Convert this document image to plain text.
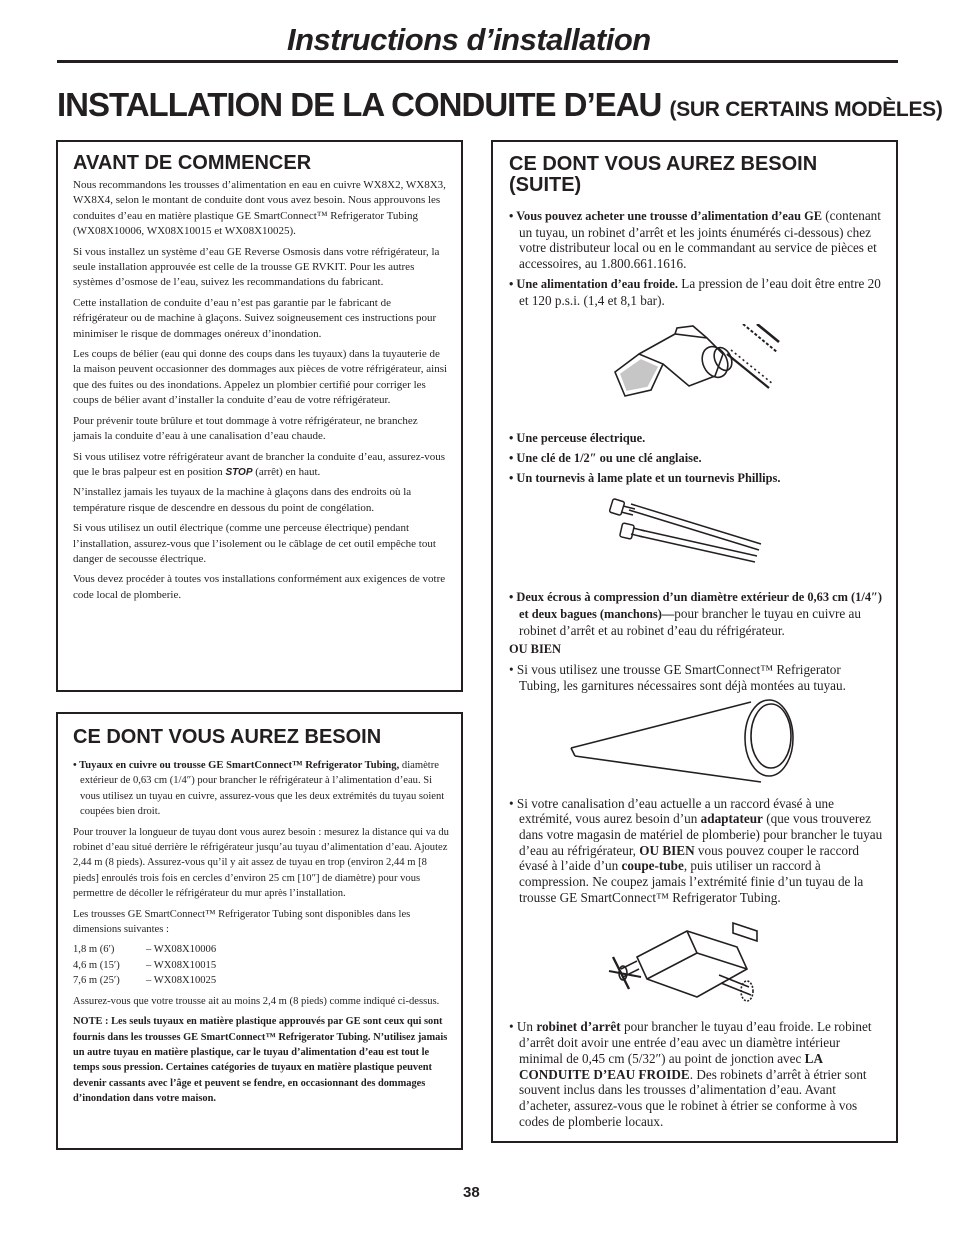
Instructions d’installation
INSTALLATION DE LA CONDUITE D’EAU (SUR CERTAINS MODÈLES)
AVANT DE COMMENCER

Nous recommandons les trousses d’alimentation en eau en cuivre WX8X2, WX8X3, WX8X4, selon le montant de conduite dont vous avez besoin. Nous approuvons les conduites d’eau en matière plastique GE SmartConnect™ Refrigerator Tubing (WX08X10006, WX08X10015 et WX08X10025).

Si vous installez un système d’eau GE Reverse Osmosis dans votre réfrigérateur, la seule installation approuvée est celle de la trousse GE RVKIT. Pour les autres systèmes d’osmose de l’eau, suivez les recommandations du fabricant.

Cette installation de conduite d’eau n’est pas garantie par le fabricant de réfrigérateur ou de machine à glaçons. Suivez soigneusement ces instructions pour minimiser le risque de dommages onéreux d’inondation.

Les coups de bélier (eau qui donne des coups dans les tuyaux) dans la tuyauterie de la maison peuvent occasionner des dommages aux pièces de votre réfrigérateur, ainsi que des fuites ou des inondations. Appelez un plombier certifié pour corriger les coups de bélier avant d’installer la conduite d’eau de votre réfrigérateur.

Pour prévenir toute brûlure et tout dommage à votre réfrigérateur, ne branchez jamais la conduite d’eau à une canalisation d’eau chaude.

Si vous utilisez votre réfrigérateur avant de brancher la conduite d’eau, assurez-vous que le bras palpeur est en position STOP (arrêt) en haut.

N’installez jamais les tuyaux de la machine à glaçons dans des endroits où la température risque de descendre en dessous du point de congélation.

Si vous utilisez un outil électrique (comme une perceuse électrique) pendant l’installation, assurez-vous que l’isolement ou le câblage de cet outil empêche tout danger de secousse électrique.

Vous devez procéder à toutes vos installations conformément aux exigences de votre code local de plomberie.

CE DONT VOUS AUREZ BESOIN

• Tuyaux en cuivre ou trousse GE SmartConnect™ Refrigerator Tubing, diamètre extérieur de 0,63 cm (1/4″) pour brancher le réfrigérateur à l’alimentation d’eau. Si vous utilisez un tuyau en cuivre, assurez-vous que les deux extrémités du tuyau soient coupées bien droit.

Pour trouver la longueur de tuyau dont vous aurez besoin : mesurez la distance qui va du robinet d’eau situé derrière le réfrigérateur jusqu’au tuyau d’alimentation d’eau. Ajoutez 2,44 m (8 pieds). Assurez-vous qu’il y ait assez de tuyau en trop (environ 2,44 m [8 pieds] enroulés trois fois en cercles d’environ 25 cm [10″] de diamètre) pour vous permettre de décoller le réfrigérateur du mur après l’installation.

Les trousses GE SmartConnect™ Refrigerator Tubing sont disponibles dans les dimensions suivantes :

1,8 m (6′)	– WX08X10006
4,6 m (15′)	– WX08X10015
7,6 m (25′)	– WX08X10025

Assurez-vous que votre trousse ait au moins 2,4 m (8 pieds) comme indiqué ci-dessus.

NOTE : Les seuls tuyaux en matière plastique approuvés par GE sont ceux qui sont fournis dans les trousses GE SmartConnect™ Refrigerator Tubing. N’utilisez jamais un autre tuyau en matière plastique, car le tuyau d’alimentation d’eau est tout le temps sous pression. Certaines catégories de tuyaux en matière plastique peuvent devenir cassants avec l’âge et peuvent se fendre, en occasionnant des dommages d’inondation dans votre maison.

CE DONT VOUS AUREZ BESOIN (SUITE)

• Vous pouvez acheter une trousse d’alimentation d’eau GE (contenant un tuyau, un robinet d’arrêt et les joints énumérés ci-dessous) chez votre distributeur local ou en le commandant au service de pièces et accessoires, au 1.800.661.1616.

• Une alimentation d’eau froide. La pression de l’eau doit être entre 20 et 120 p.s.i. (1,4 et 8,1 bar).

• Une perceuse électrique.

• Une clé de 1/2″ ou une clé anglaise.

• Un tournevis à lame plate et un tournevis Phillips.

• Deux écrous à compression d’un diamètre extérieur de 0,63 cm (1/4″) et deux bagues (manchons)—pour brancher le tuyau en cuivre au robinet d’arrêt et au robinet d’eau du réfrigérateur.

OU BIEN

• Si vous utilisez une trousse GE SmartConnect™ Refrigerator Tubing, les garnitures nécessaires sont déjà montées au tuyau.

• Si votre canalisation d’eau actuelle a un raccord évasé à une extrémité, vous aurez besoin d’un adaptateur (que vous trouverez dans votre magasin de matériel de plomberie) pour brancher le tuyau d’eau au réfrigérateur, OU BIEN vous pouvez couper le raccord évasé à l’aide d’un coupe-tube, puis utiliser un raccord à compression. Ne coupez jamais l’extrémité finie d’un tuyau de la trousse GE SmartConnect™ Refrigerator Tubing.

• Un robinet d’arrêt pour brancher le tuyau d’eau froide. Le robinet d’arrêt doit avoir une entrée d’eau avec un diamètre intérieur minimal de 0,45 cm (5/32″) au point de jonction avec LA CONDUITE D’EAU FROIDE. Des robinets d’arrêt à étrier sont souvent inclus dans les trousses d’alimentation d’eau. Avant d’acheter, assurez-vous que le robinet à étrier se conforme à vos codes de plomberie locaux.

38
